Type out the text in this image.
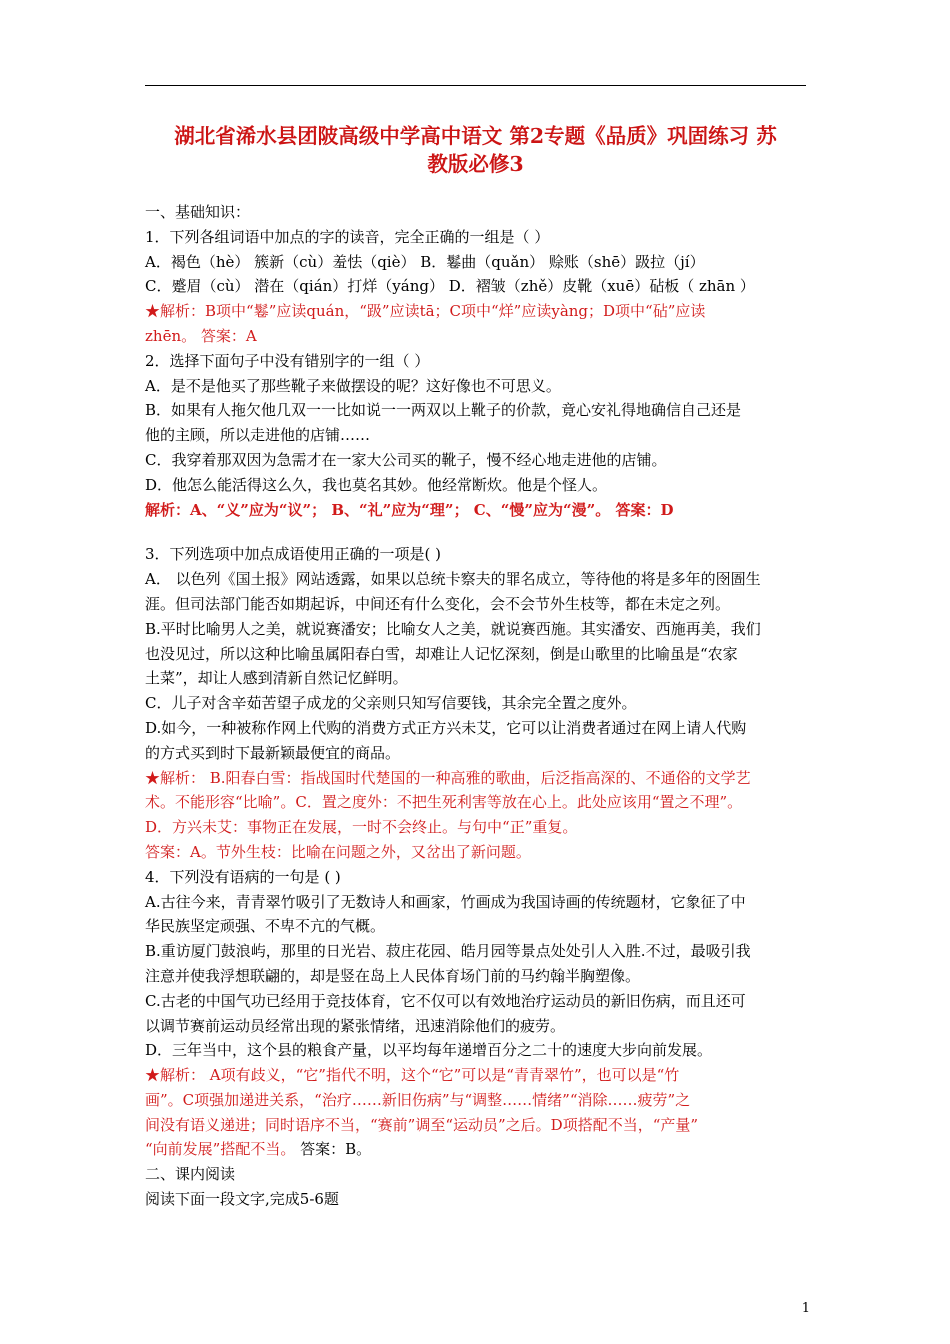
湖北省浠水县团陂高级中学高中语文 第2专题《品质》巩固练习 苏
教版必修3
一、基础知识：
1．下列各组词语中加点的字的读音，完全正确的一组是（ ）
A．褐色（hè） 簇新（cù）羞怯（qiè） B．鬈曲（quǎn） 赊账（shē）趿拉（jí）
C．蹙眉（cù） 潜在（qián）打烊（yáng） D．褶皱（zhě）皮靴（xuē）砧板（ zhān ）
★解析：B项中“鬈”应读quán，“趿”应读tā；C项中“烊”应读yàng；D项中“砧”应读
zhēn。 答案：A
2．选择下面句子中没有错别字的一组（ ）
A．是不是他买了那些靴子来做摆设的呢？这好像也不可思义。
B．如果有人拖欠他几双一一比如说一一两双以上靴子的价款，竟心安礼得地确信自己还是
他的主顾，所以走进他的店铺……
C．我穿着那双因为急需才在一家大公司买的靴子，慢不经心地走进他的店铺。
D．他怎么能活得这么久，我也莫名其妙。他经常断炊。他是个怪人。
解析：A、“义”应为“议”； B、“礼”应为“理”； C、“慢”应为“漫”。 答案：D
3．下列选项中加点成语使用正确的一项是( )
A． 以色列《国土报》网站透露，如果以总统卡察夫的罪名成立，等待他的将是多年的囹圄生
涯。但司法部门能否如期起诉，中间还有什么变化，会不会节外生枝等，都在未定之列。
B.平时比喻男人之美，就说赛潘安；比喻女人之美，就说赛西施。其实潘安、西施再美，我们
也没见过，所以这种比喻虽属阳春白雪，却难让人记忆深刻，倒是山歌里的比喻虽是“农家
土菜”，却让人感到清新自然记忆鲜明。
C．儿子对含辛茹苦望子成龙的父亲则只知写信要钱，其余完全置之度外。
D.如今，一种被称作网上代购的消费方式正方兴未艾，它可以让消费者通过在网上请人代购
的方式买到时下最新颖最便宜的商品。
★解析： B.阳春白雪：指战国时代楚国的一种高雅的歌曲，后泛指高深的、不通俗的文学艺
术。不能形容“比喻”。C．置之度外：不把生死利害等放在心上。此处应该用“置之不理”。
D．方兴未艾：事物正在发展，一时不会终止。与句中“正”重复。
答案：A。节外生枝：比喻在问题之外，又岔出了新问题。
4．下列没有语病的一句是 ( )
A.古往今来，青青翠竹吸引了无数诗人和画家，竹画成为我国诗画的传统题材，它象征了中
华民族坚定顽强、不卑不亢的气概。
B.重访厦门鼓浪屿，那里的日光岩、菽庄花园、皓月园等景点处处引人入胜.不过，最吸引我
注意并使我浮想联翩的，却是竖在岛上人民体育场门前的马约翰半胸塑像。
C.古老的中国气功已经用于竞技体育，它不仅可以有效地治疗运动员的新旧伤病，而且还可
以调节赛前运动员经常出现的紧张情绪，迅速消除他们的疲劳。
D．三年当中，这个县的粮食产量，以平均每年递增百分之二十的速度大步向前发展。
★解析： A项有歧义，“它”指代不明，这个“它”可以是“青青翠竹”，也可以是“竹
画”。C项强加递进关系，“治疗……新旧伤病”与“调整……情绪”“消除……疲劳”之
间没有语义递进；同时语序不当，“赛前”调至“运动员”之后。D项搭配不当，“产量”
“向前发展”搭配不当。 答案：B。
二、课内阅读
阅读下面一段文字,完成5-6题
1
